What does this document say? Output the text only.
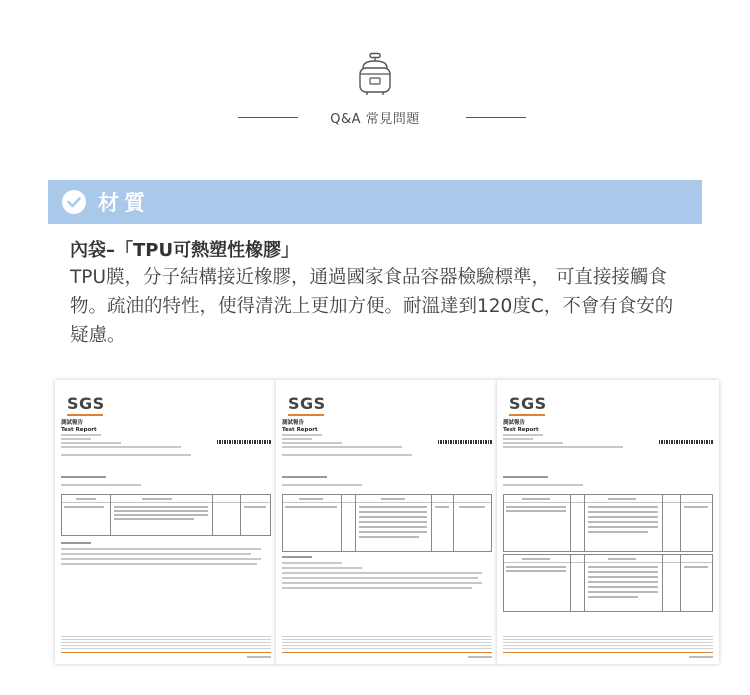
Q&A 常見問題
材質
內袋–「TPU可熱塑性橡膠」

TPU膜，分子結構接近橡膠，通過國家食品容器檢驗標準， 可直接接觸食物。疏油的特性，使得清洗上更加方便。耐溫達到120度C，不會有食安的疑慮。

SGS
測試報告
Test Report
SGS
測試報告
Test Report
SGS
測試報告
Test Report
